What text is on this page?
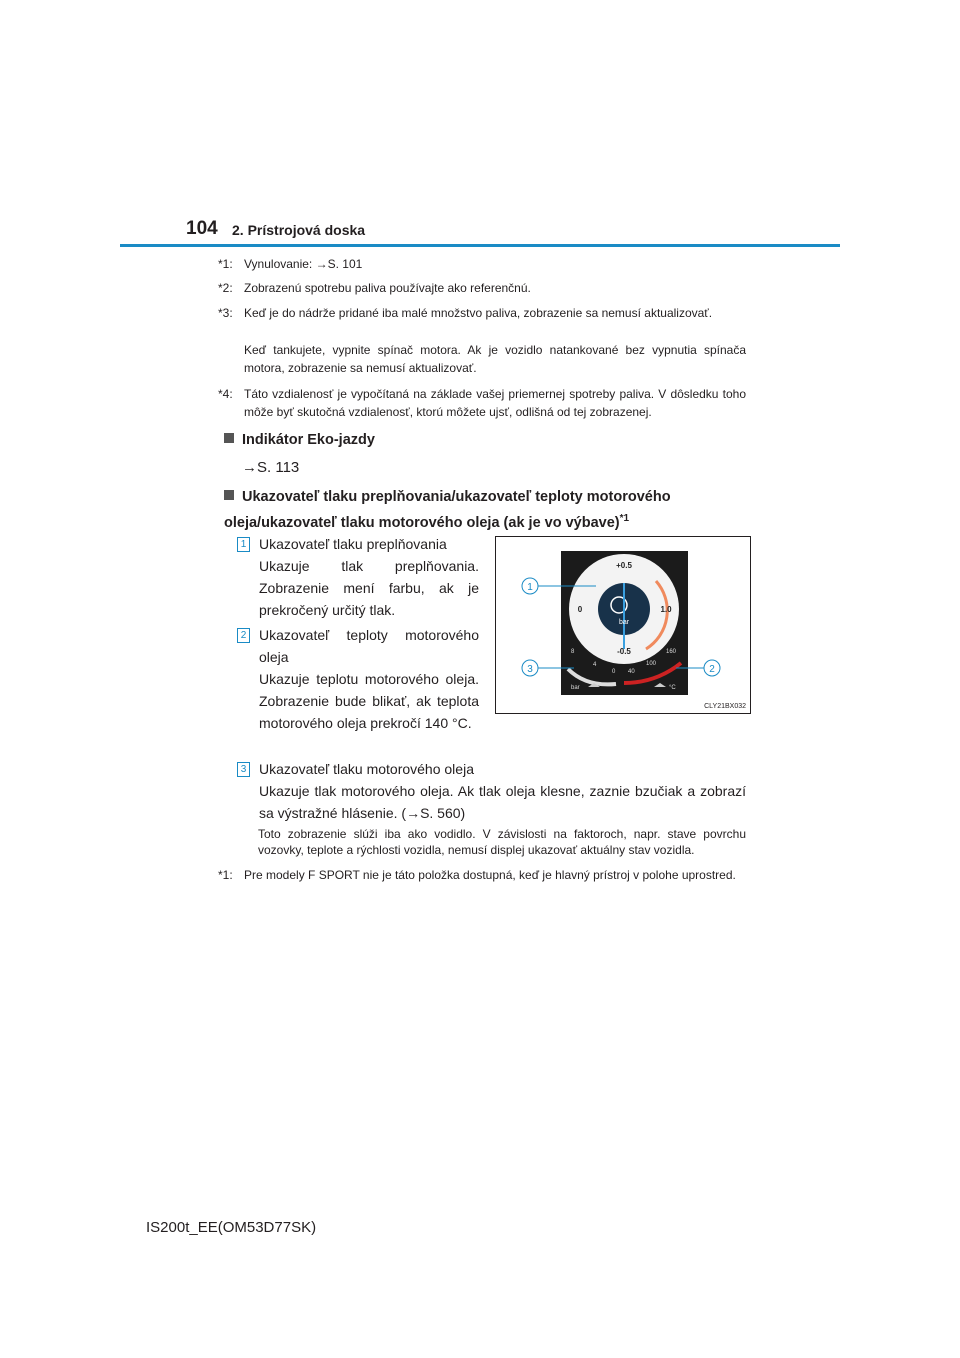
104 2. Prístrojová doska
*1: Vynulovanie: →S. 101
*2: Zobrazenú spotrebu paliva používajte ako referenčnú.
*3: Keď je do nádrže pridané iba malé množstvo paliva, zobrazenie sa nemusí aktualizovať.
Keď tankujete, vypnite spínač motora. Ak je vozidlo natankované bez vypnutia spínača motora, zobrazenie sa nemusí aktualizovať.
*4: Táto vzdialenosť je vypočítaná na základe vašej priemernej spotreby paliva. V dôsledku toho môže byť skutočná vzdialenosť, ktorú môžete ujsť, odlišná od tej zobrazenej.
Indikátor Eko-jazdy
→S. 113
Ukazovateľ tlaku preplňovania/ukazovateľ teploty motorového oleja/ukazovateľ tlaku motorového oleja (ak je vo výbave)$^{*1}$
1 Ukazovateľ tlaku preplňovania
Ukazuje tlak preplňovania. Zobrazenie mení farbu, ak je prekročený určitý tlak.
2 Ukazovateľ teploty motorového oleja
Ukazuje teplotu motorového oleja. Zobrazenie bude blikať, ak teplota motorového oleja prekročí 140 °C.
+0.5
0	1.0
-0.5
bar
8
4
0 40
100
160
bar	°C
1
2
3
CLY21BX032
3 Ukazovateľ tlaku motorového oleja
Ukazuje tlak motorového oleja. Ak tlak oleja klesne, zaznie bzučiak a zobrazí sa výstražné hlásenie. (→S. 560)
Toto zobrazenie slúži iba ako vodidlo. V závislosti na faktoroch, napr. stave povrchu vozovky, teplote a rýchlosti vozidla, nemusí displej ukazovať aktuálny stav vozidla.
*1: Pre modely F SPORT nie je táto položka dostupná, keď je hlavný prístroj v polohe uprostred.
IS200t_EE(OM53D77SK)
